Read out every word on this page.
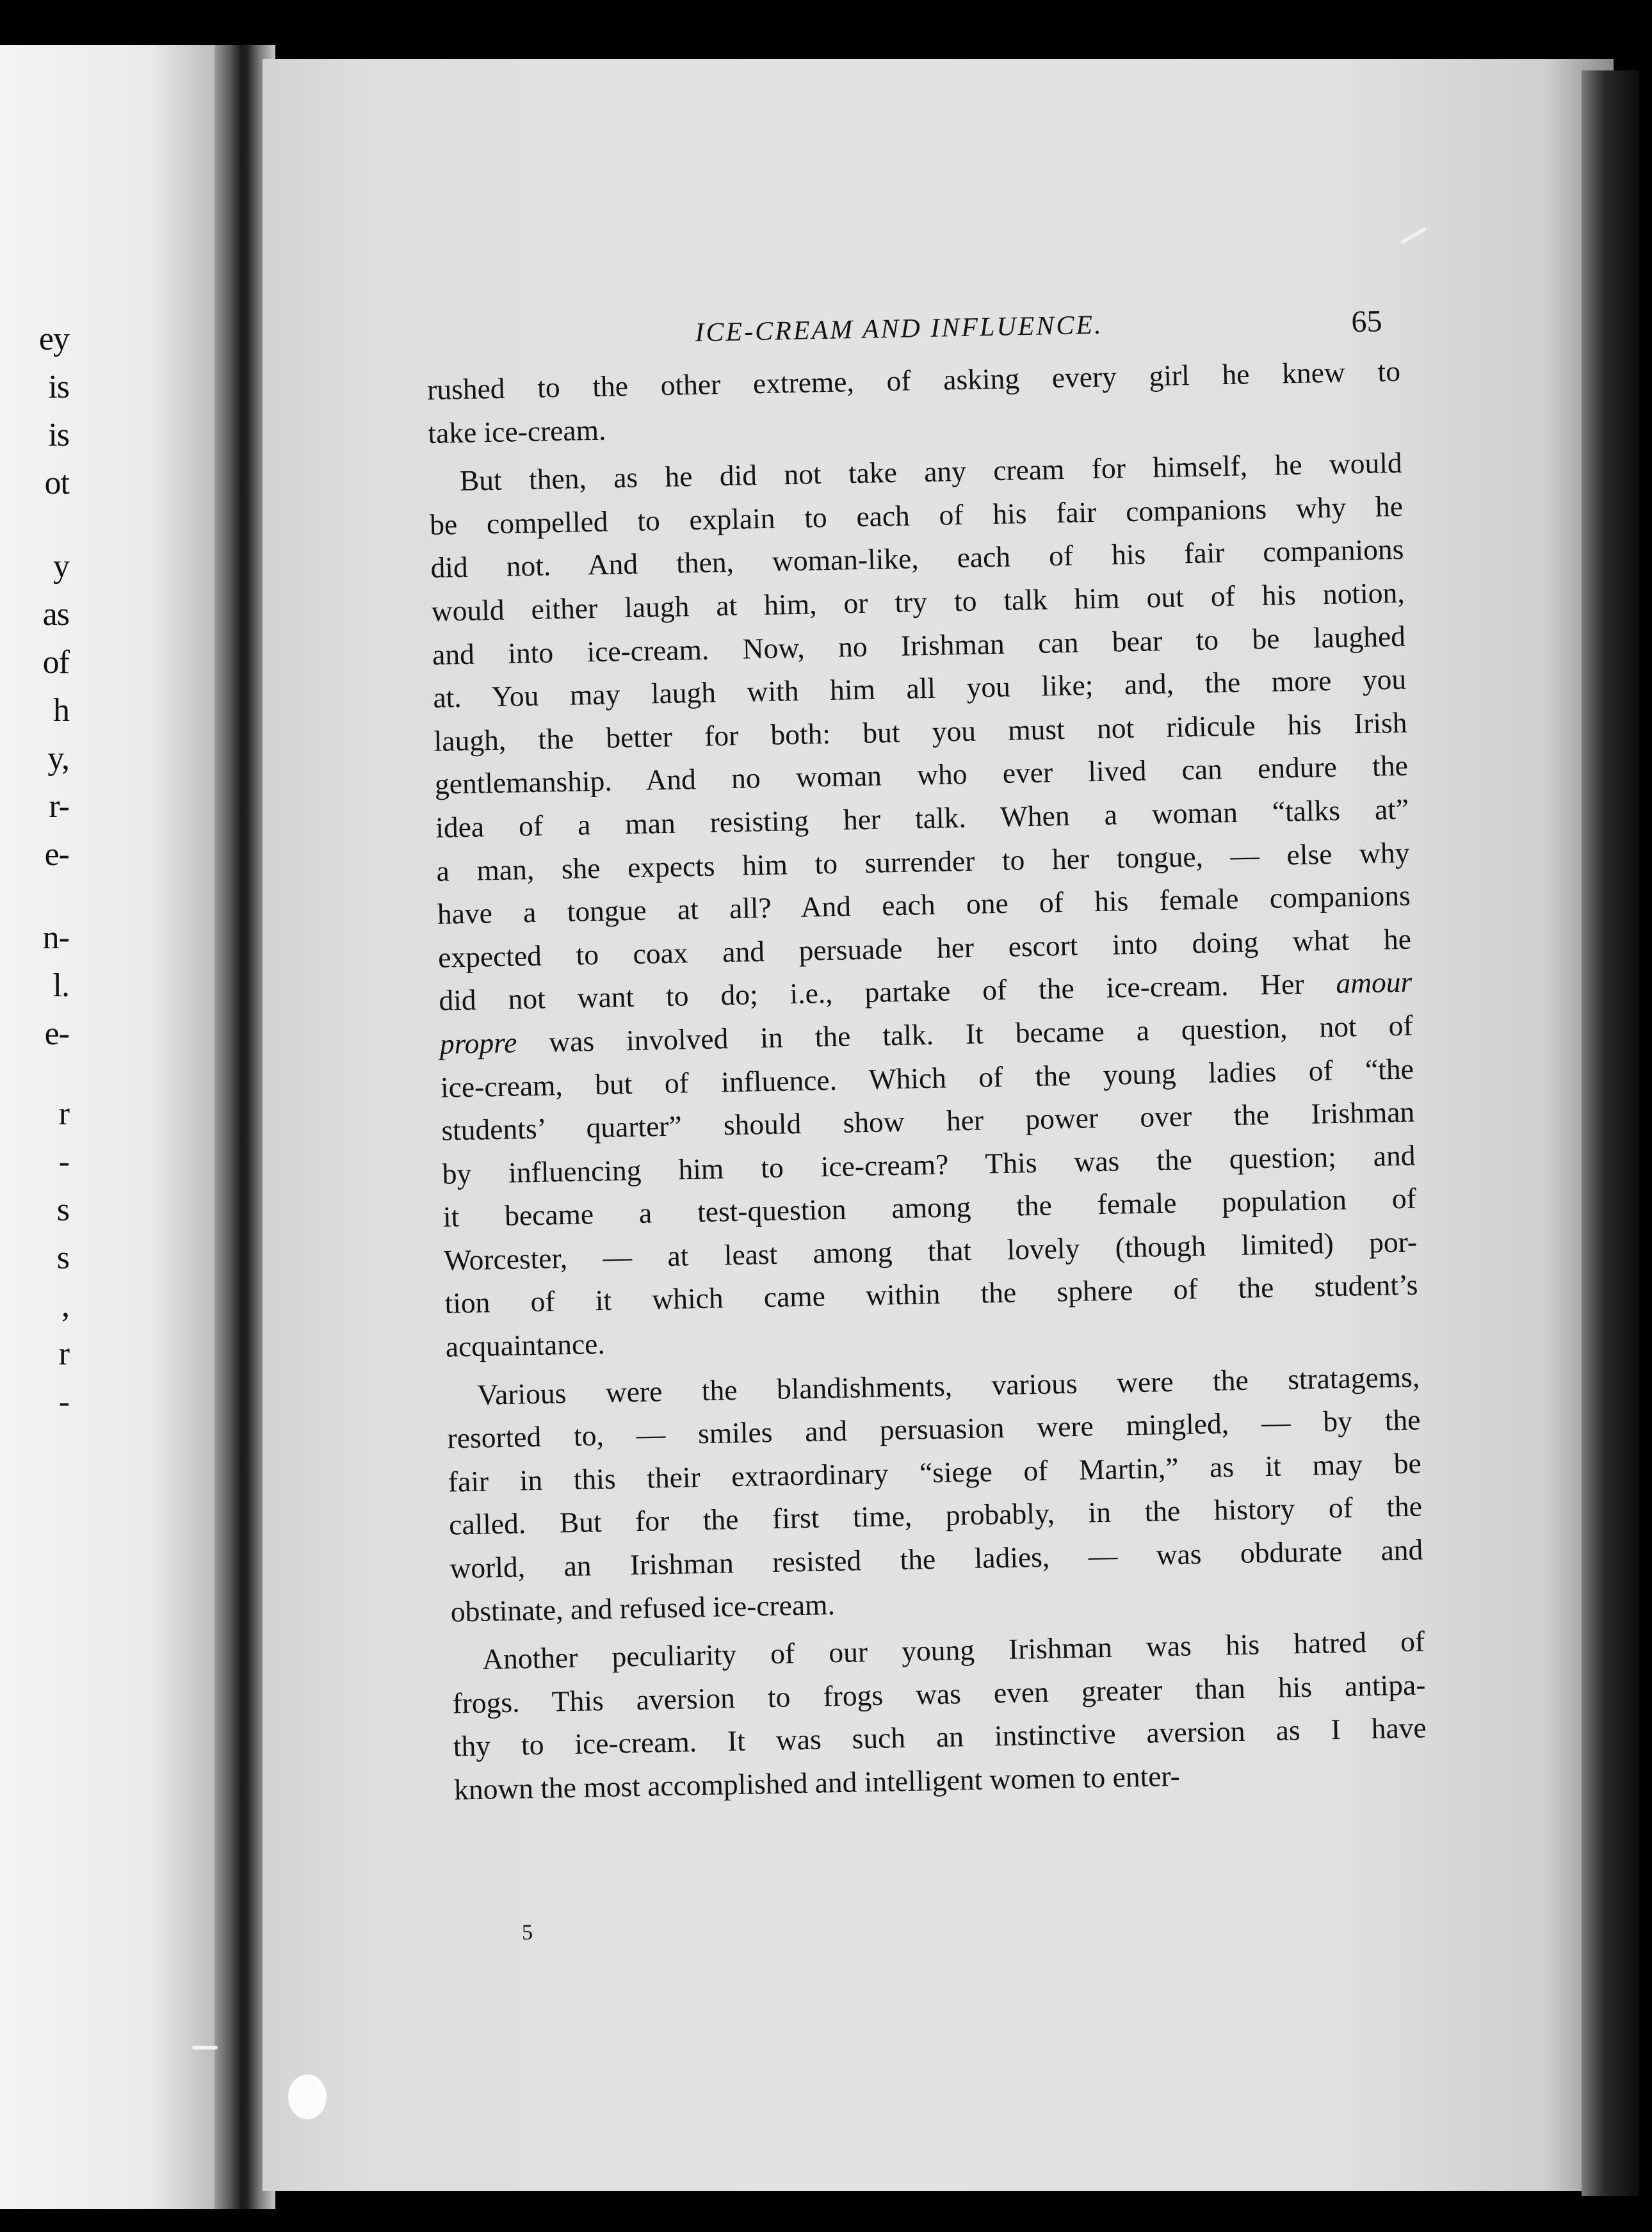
ey
is
is
ot
y
as
of
h
y,
r-
e-
n-
l.
e-
r
-
s
s
,
r
-
ICE-CREAM AND INFLUENCE.	65
rushed to the other extreme, of asking every girl he knew to
take ice-cream.
But then, as he did not take any cream for himself, he would
be compelled to explain to each of his fair companions why he
did not. And then, woman-like, each of his fair companions
would either laugh at him, or try to talk him out of his notion,
and into ice-cream. Now, no Irishman can bear to be laughed
at. You may laugh with him all you like; and, the more you
laugh, the better for both: but you must not ridicule his Irish
gentlemanship. And no woman who ever lived can endure the
idea of a man resisting her talk. When a woman “talks at”
a man, she expects him to surrender to her tongue, — else why
have a tongue at all? And each one of his female companions
expected to coax and persuade her escort into doing what he
did not want to do; i.e., partake of the ice-cream. Her amour
propre was involved in the talk. It became a question, not of
ice-cream, but of influence. Which of the young ladies of “the
students’ quarter” should show her power over the Irishman
by influencing him to ice-cream? This was the question; and
it became a test-question among the female population of
Worcester, — at least among that lovely (though limited) por-
tion of it which came within the sphere of the student’s
acquaintance.
Various were the blandishments, various were the stratagems,
resorted to, — smiles and persuasion were mingled, — by the
fair in this their extraordinary “siege of Martin,” as it may be
called. But for the first time, probably, in the history of the
world, an Irishman resisted the ladies, — was obdurate and
obstinate, and refused ice-cream.
Another peculiarity of our young Irishman was his hatred of
frogs. This aversion to frogs was even greater than his antipa-
thy to ice-cream. It was such an instinctive aversion as I have
known the most accomplished and intelligent women to enter-
5
